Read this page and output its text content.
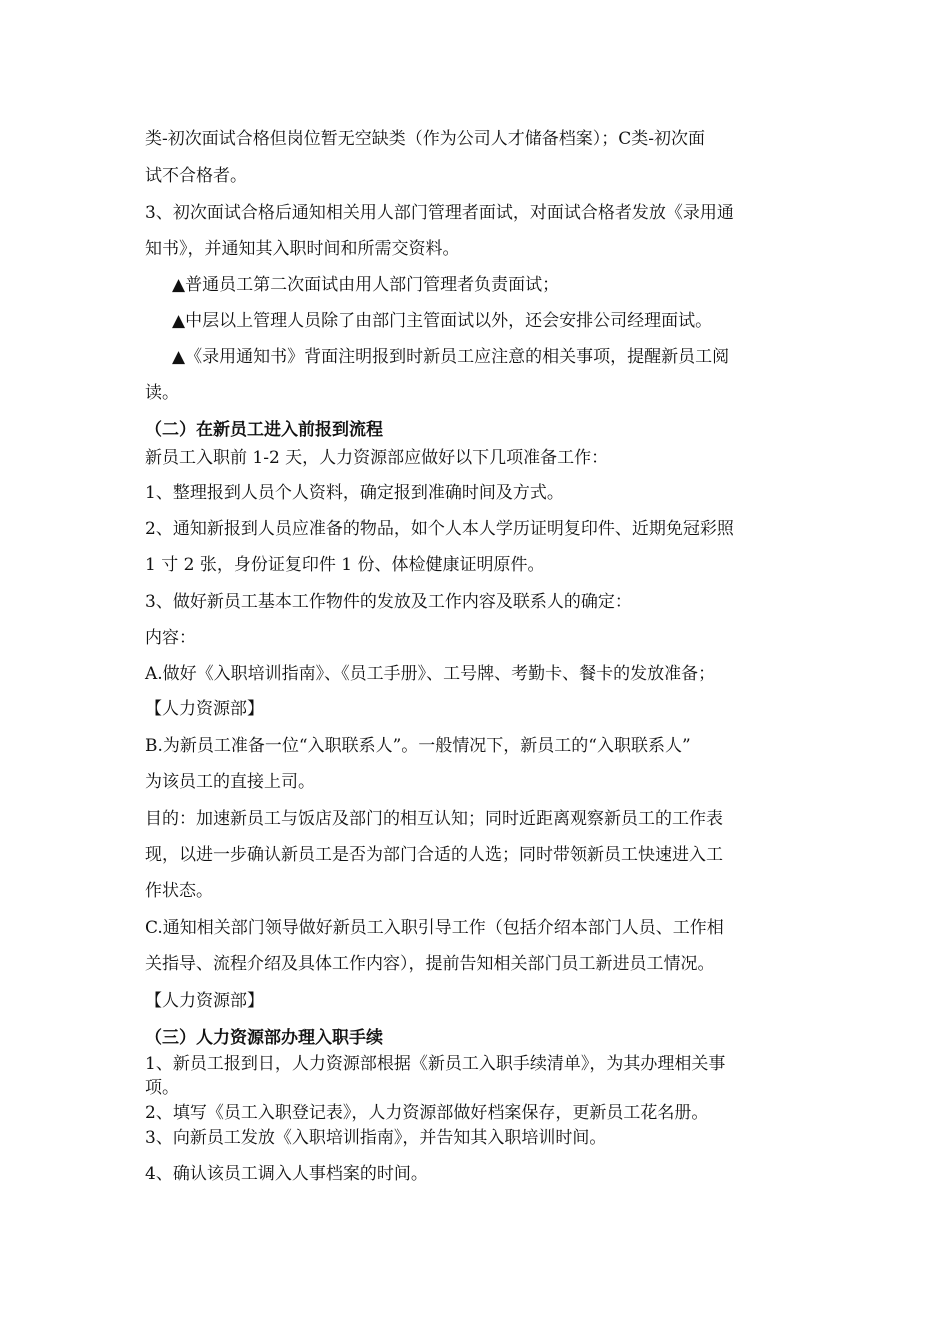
类-初次面试合格但岗位暂无空缺类（作为公司人才储备档案）；C类-初次面
试不合格者。
3、初次面试合格后通知相关用人部门管理者面试，对面试合格者发放《录用通
知书》，并通知其入职时间和所需交资料。
▲普通员工第二次面试由用人部门管理者负责面试；
▲中层以上管理人员除了由部门主管面试以外，还会安排公司经理面试。
▲《录用通知书》背面注明报到时新员工应注意的相关事项，提醒新员工阅
读。
（二）在新员工进入前报到流程
新员工入职前 1-2 天，人力资源部应做好以下几项准备工作：
1、整理报到人员个人资料，确定报到准确时间及方式。
2、通知新报到人员应准备的物品，如个人本人学历证明复印件、近期免冠彩照
1 寸 2 张，身份证复印件 1 份、体检健康证明原件。
3、做好新员工基本工作物件的发放及工作内容及联系人的确定：
内容：
A.做好《入职培训指南》、《员工手册》、工号牌、考勤卡、餐卡的发放准备；
【人力资源部】
B.为新员工准备一位“入职联系人”。一般情况下，新员工的“入职联系人”
为该员工的直接上司。
目的：加速新员工与饭店及部门的相互认知；同时近距离观察新员工的工作表
现，以进一步确认新员工是否为部门合适的人选；同时带领新员工快速进入工
作状态。
C.通知相关部门领导做好新员工入职引导工作（包括介绍本部门人员、工作相
关指导、流程介绍及具体工作内容），提前告知相关部门员工新进员工情况。
【人力资源部】
（三）人力资源部办理入职手续
1、新员工报到日，人力资源部根据《新员工入职手续清单》，为其办理相关事
项。
2、填写《员工入职登记表》，人力资源部做好档案保存，更新员工花名册。
3、向新员工发放《入职培训指南》，并告知其入职培训时间。
4、确认该员工调入人事档案的时间。
